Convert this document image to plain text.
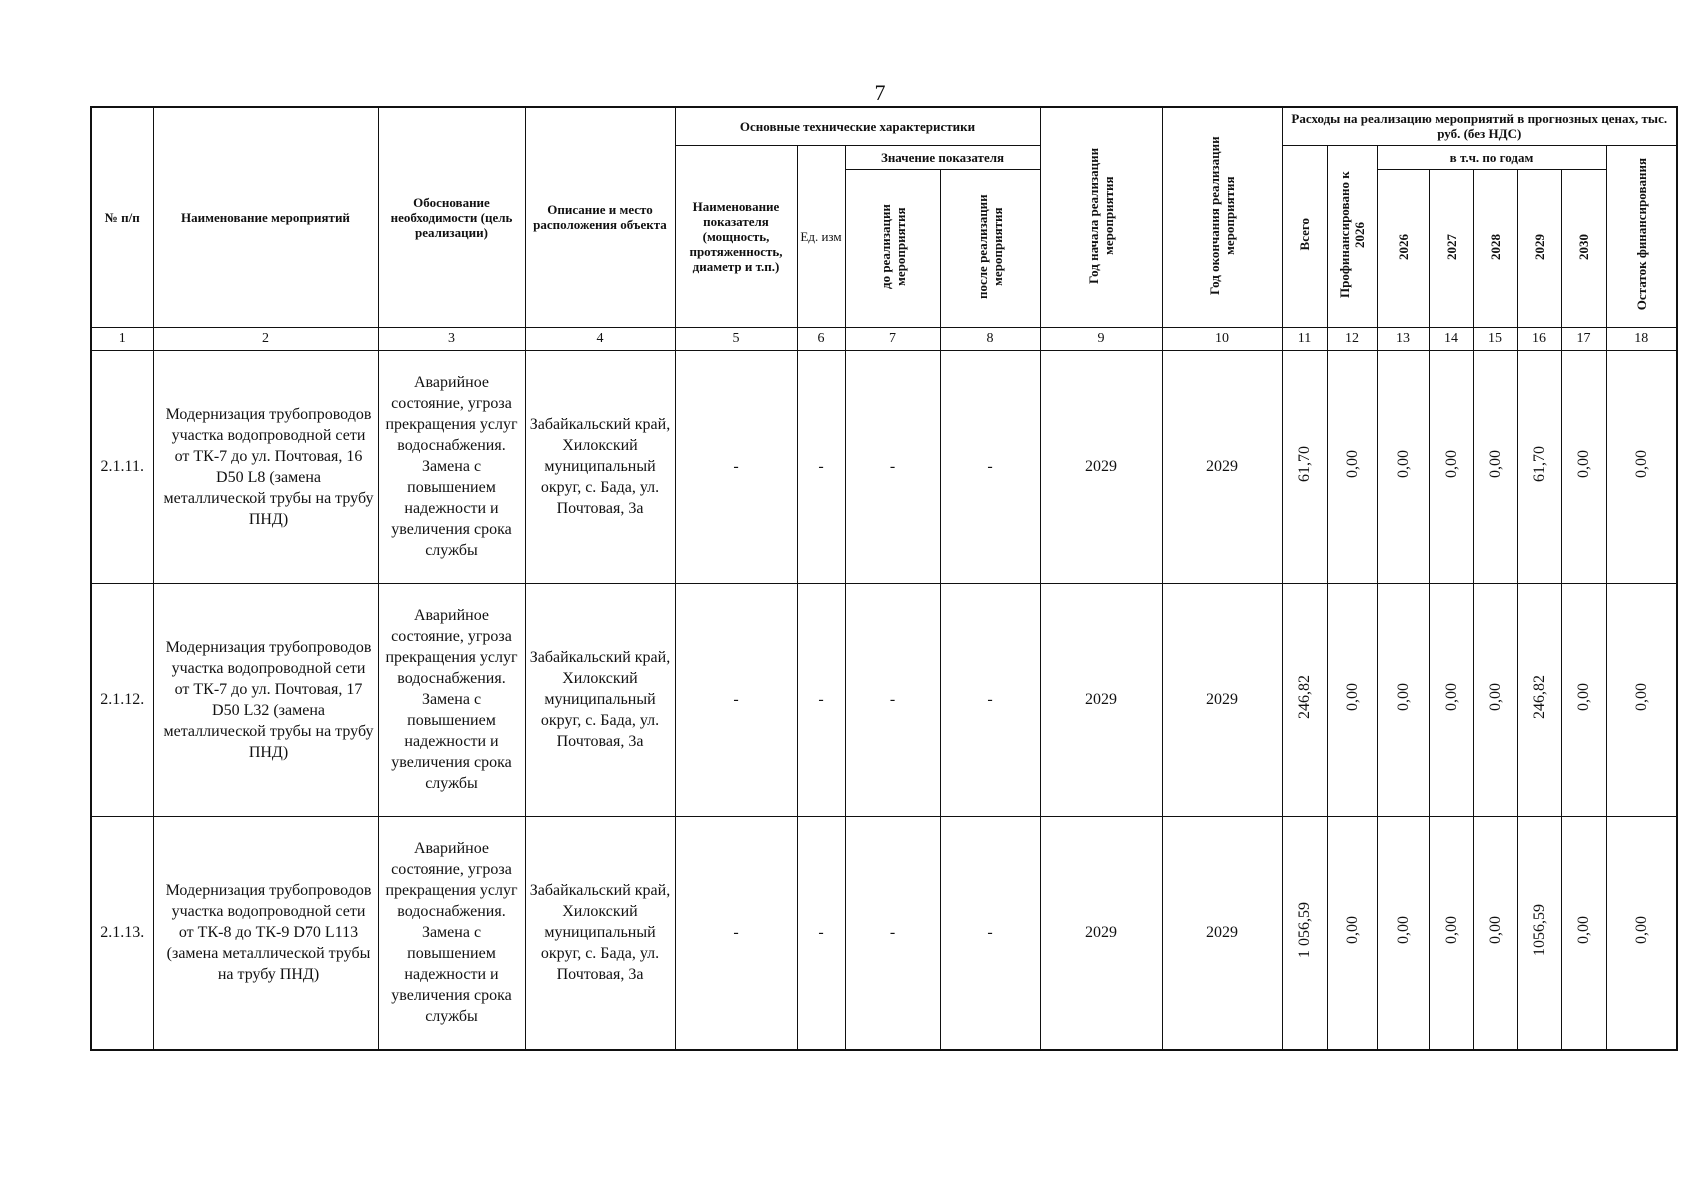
7
№ п/п	Наименование мероприятий	Обоснование необходимости (цель реализации)	Описание и место расположения объекта	Основные технические характеристики				Год начала реализации мероприятия	Год окончания реализации мероприятия	Расходы на реализацию мероприятий в прогнозных ценах, тыс. руб. (без НДС)							
				Наименование показателя (мощность, протяженность, диаметр и т.п.)	Ед. изм	Значение показателя				Всего	Профинансировано к 2026	в т.ч. по годам					Остаток финансирования
						до реализации мероприятия	после реализации мероприятия					2026	2027	2028	2029	2030	
1	2	3	4	5	6	7	8	9	10	11	12	13	14	15	16	17	18
2.1.11.	Модернизация трубопроводов участка водопроводной сети от ТК-7 до ул. Почтовая, 16 D50 L8 (замена металлической трубы на трубу ПНД)	Аварийное состояние, угроза прекращения услуг водоснабжения. Замена с повышением надежности и увеличения срока службы	Забайкальский край, Хилокский муниципальный округ, с. Бада, ул. Почтовая, 3а	-	-	-	-	2029	2029	61,70	0,00	0,00	0,00	0,00	61,70	0,00	0,00
2.1.12.	Модернизация трубопроводов участка водопроводной сети от ТК-7 до ул. Почтовая, 17 D50 L32 (замена металлической трубы на трубу ПНД)	Аварийное состояние, угроза прекращения услуг водоснабжения. Замена с повышением надежности и увеличения срока службы	Забайкальский край, Хилокский муниципальный округ, с. Бада, ул. Почтовая, 3а	-	-	-	-	2029	2029	246,82	0,00	0,00	0,00	0,00	246,82	0,00	0,00
2.1.13.	Модернизация трубопроводов участка водопроводной сети от ТК-8 до ТК-9 D70 L113 (замена металлической трубы на трубу ПНД)	Аварийное состояние, угроза прекращения услуг водоснабжения. Замена с повышением надежности и увеличения срока службы	Забайкальский край, Хилокский муниципальный округ, с. Бада, ул. Почтовая, 3а	-	-	-	-	2029	2029	1 056,59	0,00	0,00	0,00	0,00	1056,59	0,00	0,00
